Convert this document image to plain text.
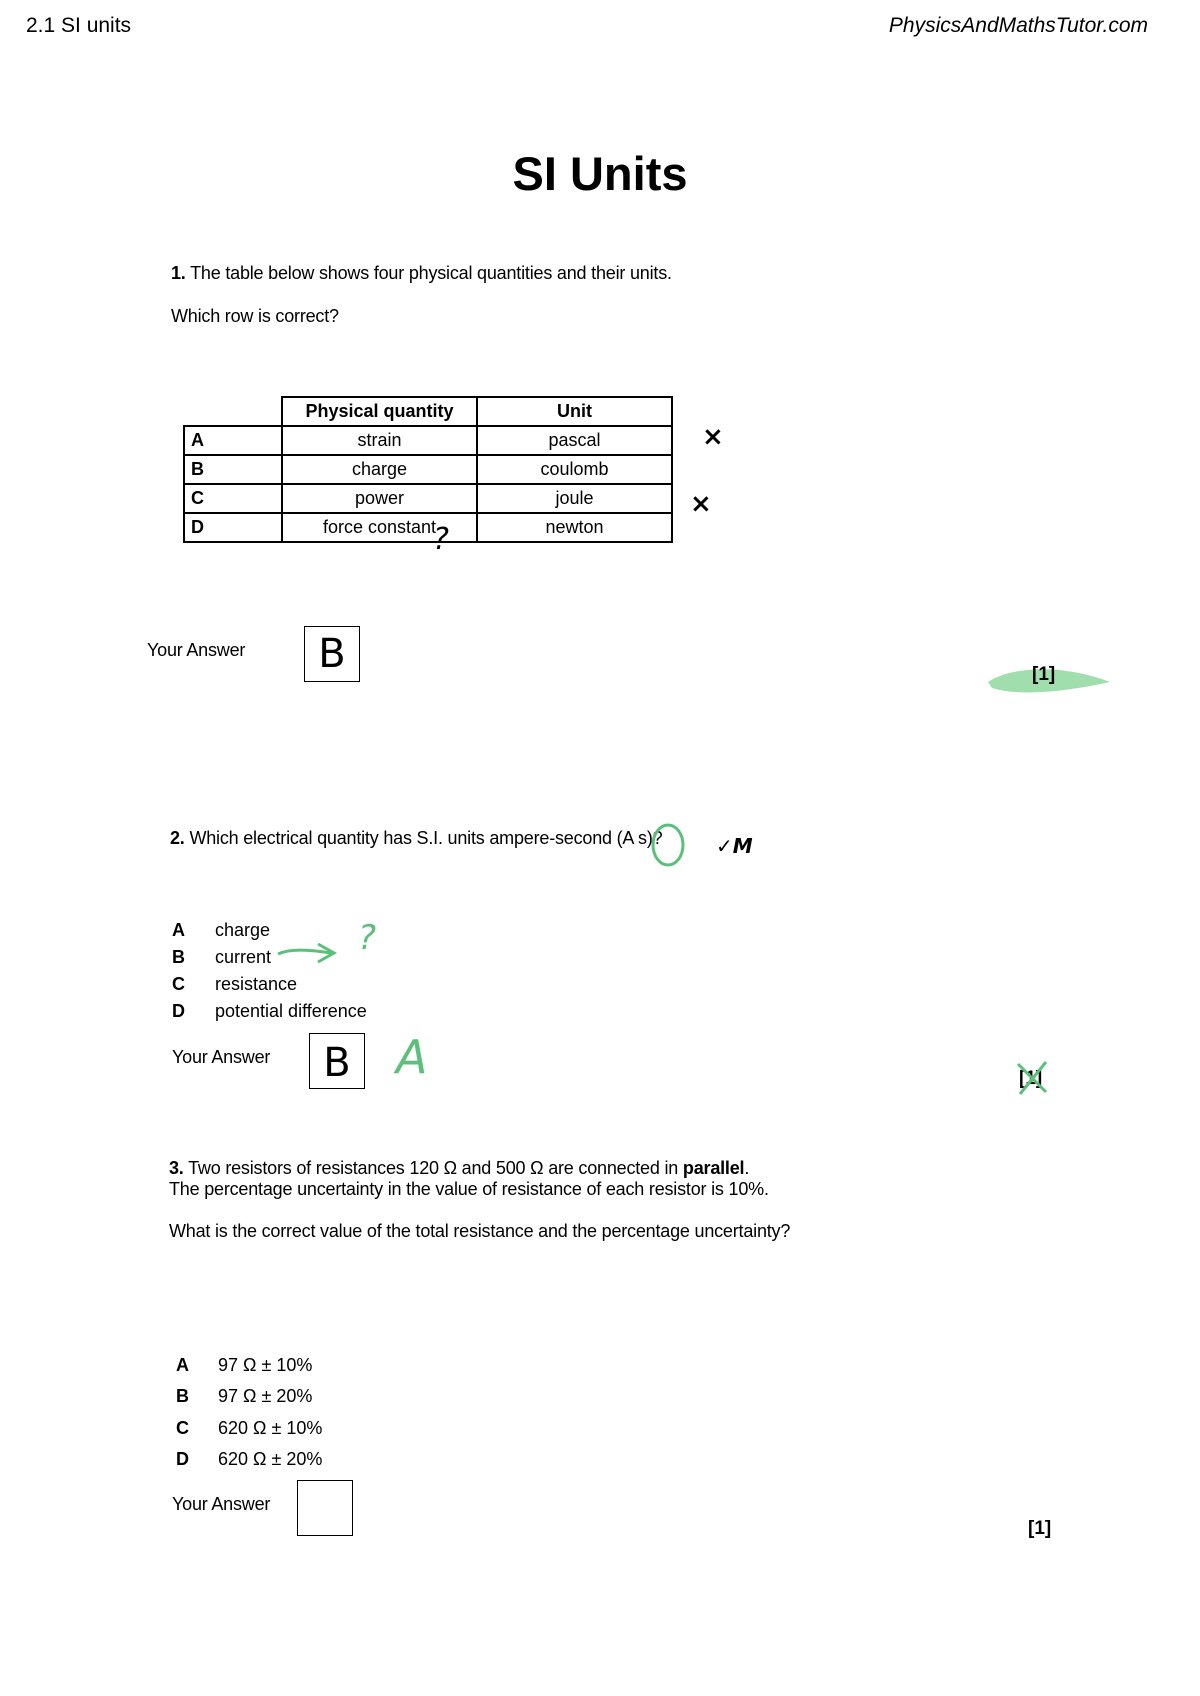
2.1 SI units	PhysicsAndMathsTutor.com
SI Units
1. The table below shows four physical quantities and their units.
Which row is correct?
	Physical quantity	Unit
A	strain	pascal
B	charge	coulomb
C	power	joule
D	force constant	newton
×
×
?
Your Answer	B	[1]
2. Which electrical quantity has S.I. units ampere-second (A s)?	✓M
A charge
B current
C resistance
D potential difference
?
Your Answer	B A	[1]
3. Two resistors of resistances 120 Ω and 500 Ω are connected in parallel.
The percentage uncertainty in the value of resistance of each resistor is 10%.
What is the correct value of the total resistance and the percentage uncertainty?
A 97 Ω ± 10%
B 97 Ω ± 20%
C 620 Ω ± 10%
D 620 Ω ± 20%
Your Answer
[1]
